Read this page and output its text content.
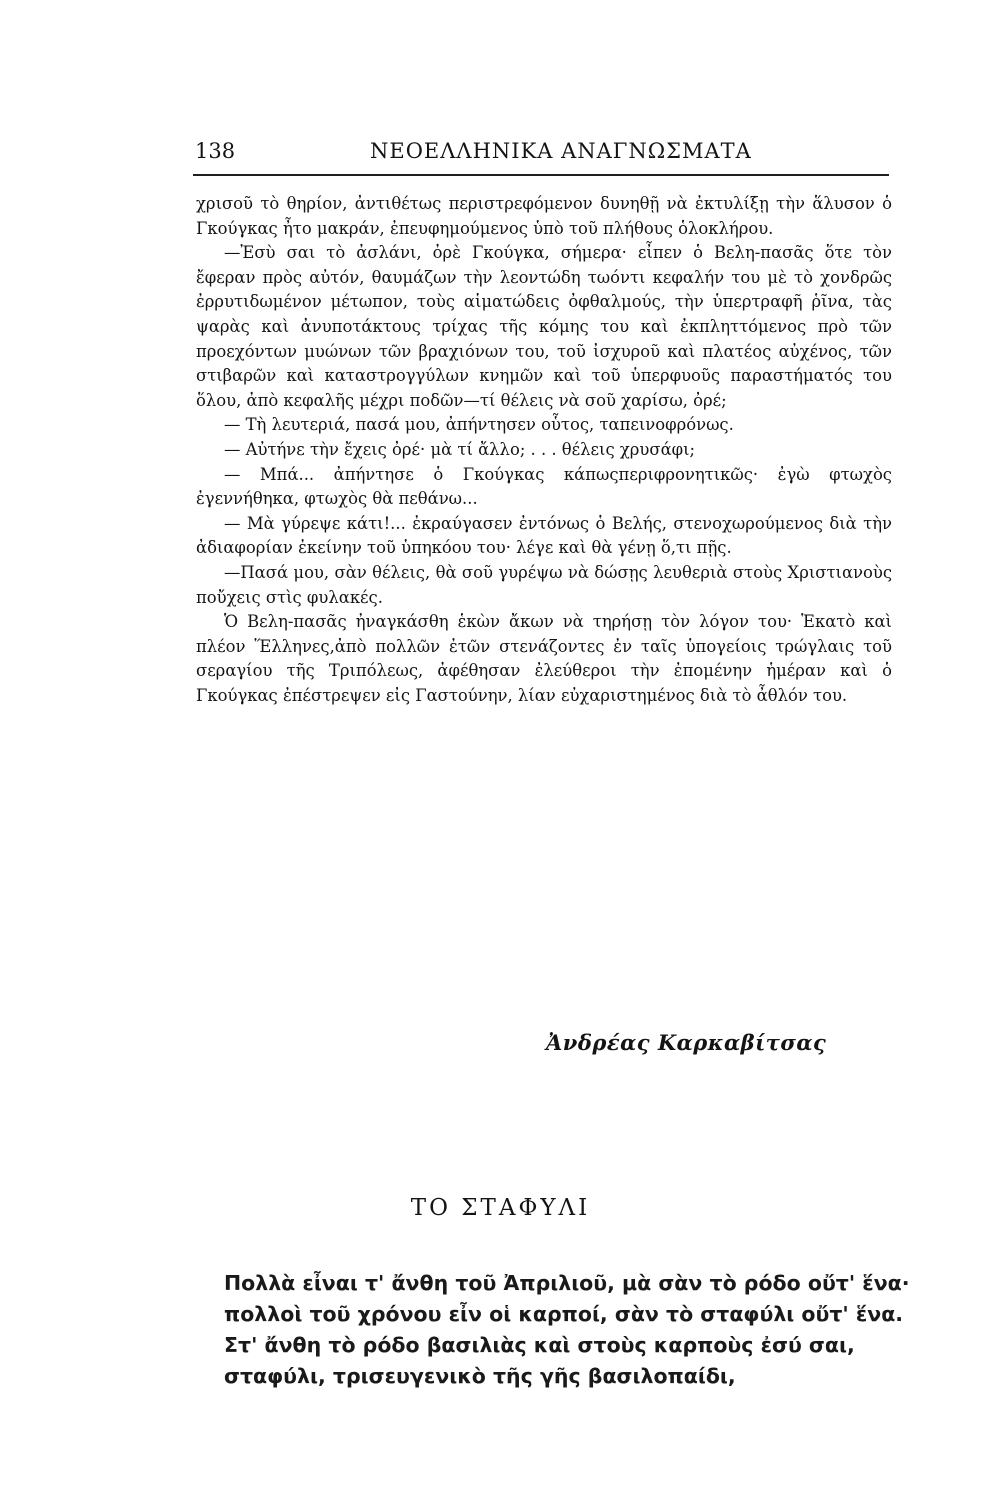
138	ΝΕΟΕΛΛΗΝΙΚΑ ΑΝΑΓΝΩΣΜΑΤΑ
χρισοῦ τὸ θηρίον, ἀντιθέτως περιστρεφόμενον δυνηθῇ νὰ ἐκτυλίξῃ τὴν ἅλυσον ὁ Γκούγκας ἦτο μακράν, ἐπευφημούμενος ὑπὸ τοῦ πλήθους ὁλοκλήρου.
—Ἐσὺ σαι τὸ ἀσλάνι, ὀρὲ Γκούγκα, σήμερα· εἶπεν ὁ Βελη-πασᾶς ὅτε τὸν ἔφεραν πρὸς αὐτόν, θαυμάζων τὴν λεοντώδη τωόντι κεφαλήν του μὲ τὸ χονδρῶς ἐρρυτιδωμένον μέτωπον, τοὺς αἱματώδεις ὀφθαλμούς, τὴν ὑπερτραφῆ ῥῖνα, τὰς ψαρὰς καὶ ἀνυποτάκτους τρίχας τῆς κόμης του καὶ ἐκπληττόμενος πρὸ τῶν προεχόντων μυώνων τῶν βραχιόνων του, τοῦ ἰσχυροῦ καὶ πλατέος αὐχένος, τῶν στιβαρῶν καὶ καταστρογγύλων κνημῶν καὶ τοῦ ὑπερφυοῦς παραστήματός του ὅλου, ἀπὸ κεφαλῆς μέχρι ποδῶν—τί θέλεις νὰ σοῦ χαρίσω, ὀρέ;
— Τὴ λευτεριά, πασά μου, ἀπήντησεν οὗτος, ταπεινοφρόνως.
— Αὐτήνε τὴν ἔχεις ὀρέ· μὰ τί ἄλλο; . . . θέλεις χρυσάφι;
— Μπά... ἀπήντησε ὁ Γκούγκας κάπωςπεριφρονητικῶς· ἐγὼ φτωχὸς ἐγεννήθηκα, φτωχὸς θὰ πεθάνω...
— Μὰ γύρεψε κάτι!... ἐκραύγασεν ἐντόνως ὁ Βελής, στενοχωρούμενος διὰ τὴν ἀδιαφορίαν ἐκείνην τοῦ ὑπηκόου του· λέγε καὶ θὰ γένῃ ὅ,τι πῇς.
—Πασά μου, σὰν θέλεις, θὰ σοῦ γυρέψω νὰ δώσῃς λευθεριὰ στοὺς Χριστιανοὺς ποὔχεις στὶς φυλακές.
Ὁ Βελη-πασᾶς ἠναγκάσθη ἑκὼν ἄκων νὰ τηρήσῃ τὸν λόγον του· Ἑκατὸ καὶ πλέον Ἕλληνες,ἀπὸ πολλῶν ἐτῶν στενάζοντες ἐν ταῖς ὑπογείοις τρώγλαις τοῦ σεραγίου τῆς Τριπόλεως, ἀφέθησαν ἐλεύθεροι τὴν ἐπομένην ἡμέραν καὶ ὁ Γκούγκας ἐπέστρεψεν εἰς Γαστούνην, λίαν εὐχαριστημένος διὰ τὸ ἆθλόν του.
Ἀνδρέας Καρκαβίτσας
ΤΟ ΣΤΑΦΥΛΙ
Πολλὰ εἶναι τ' ἄνθη τοῦ Ἀπριλιοῦ, μὰ σὰν τὸ ρόδο οὔτ' ἕνα·
πολλοὶ τοῦ χρόνου εἶν οἱ καρποί, σὰν τὸ σταφύλι οὔτ' ἕνα.
Στ' ἄνθη τὸ ρόδο βασιλιὰς καὶ στοὺς καρποὺς ἐσύ σαι,
σταφύλι, τρισευγενικὸ τῆς γῆς βασιλοπαίδι,
